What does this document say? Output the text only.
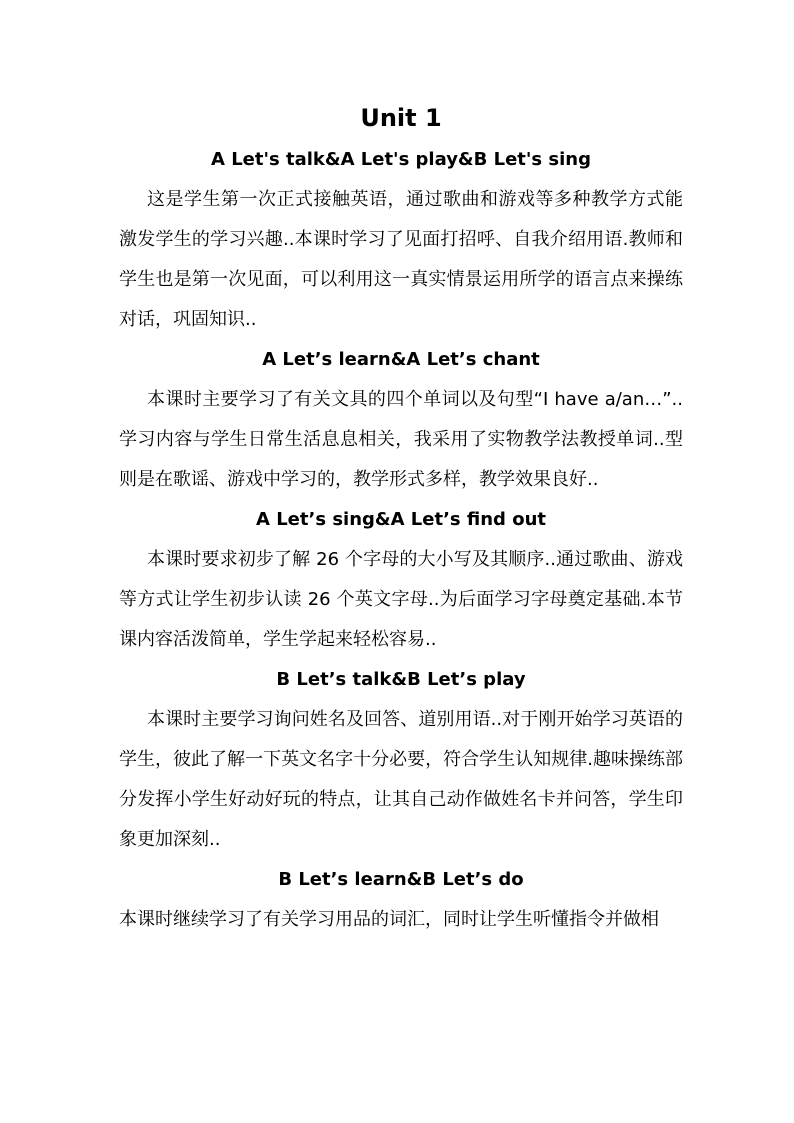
Unit 1
A Let's talk&A Let's play&B Let's sing

这是学生第一次正式接触英语，通过歌曲和游戏等多种教学方式能激发学生的学习兴趣..本课时学习了见面打招呼、自我介绍用语.教师和学生也是第一次见面，可以利用这一真实情景运用所学的语言点来操练对话，巩固知识..

A Let’s learn&A Let’s chant

本课时主要学习了有关文具的四个单词以及句型“I have a/an…”..学习内容与学生日常生活息息相关，我采用了实物教学法教授单词..型则是在歌谣、游戏中学习的，教学形式多样，教学效果良好..

A Let’s sing&A Let’s find out

本课时要求初步了解 26 个字母的大小写及其顺序..通过歌曲、游戏等方式让学生初步认读 26 个英文字母..为后面学习字母奠定基础.本节课内容活泼简单，学生学起来轻松容易..

B Let’s talk&B Let’s play

本课时主要学习询问姓名及回答、道别用语..对于刚开始学习英语的学生，彼此了解一下英文名字十分必要，符合学生认知规律.趣味操练部分发挥小学生好动好玩的特点，让其自己动作做姓名卡并问答，学生印象更加深刻..

B Let’s learn&B Let’s do

本课时继续学习了有关学习用品的词汇，同时让学生听懂指令并做相
